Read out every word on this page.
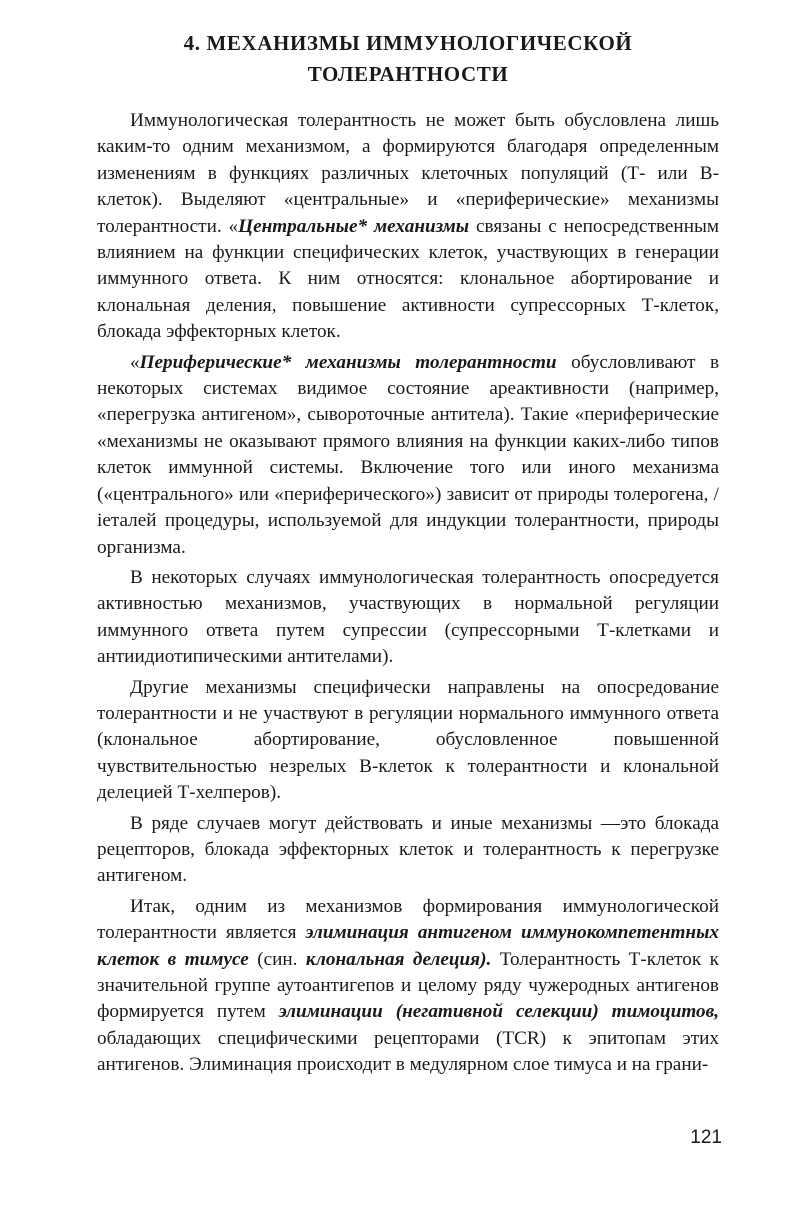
4. МЕХАНИЗМЫ ИММУНОЛОГИЧЕСКОЙ
ТОЛЕРАНТНОСТИ

Иммунологическая толерантность не может быть обусловлена лишь каким-то одним механизмом, а формируются благодаря определенным изменениям в функциях различных клеточных популяций (Т- или В-клеток). Выделяют «центральные» и «периферические» механизмы толерантности. «Центральные* механизмы связаны с непосредственным влиянием на функции специфических клеток, участвующих в генерации иммунного ответа. К ним относятся: клональное абортирование и клональная деления, повышение активности супрессорных Т-клеток, блокада эффекторных клеток.

«Периферические* механизмы толерантности обусловливают в некоторых системах видимое состояние ареактивности (например, «перегрузка антигеном», сывороточные антитела). Такие «периферические «механизмы не оказывают прямого влияния на функции каких-либо типов клеток иммунной системы. Включение того или иного механизма («центрального» или «периферического») зависит от природы толерогена, /іеталей процедуры, используемой для индукции толерантности, природы организма.

В некоторых случаях иммунологическая толерантность опосредуется активностью механизмов, участвующих в нормальной регуляции иммунного ответа путем супрессии (супрессорными Т-клетками и антиидиотипическими антителами).

Другие механизмы специфически направлены на опосредование толерантности и не участвуют в регуляции нормального иммунного ответа (клональное абортирование, обусловленное повышенной чувствительностью незрелых В-клеток к толерантности и клональной делецией Т-хелперов).

В ряде случаев могут действовать и иные механизмы —это блокада рецепторов, блокада эффекторных клеток и толерантность к перегрузке антигеном.

Итак, одним из механизмов формирования иммунологической толерантности является элиминация антигеном иммунокомпетентных клеток в тимусе (син. клональная делеция). Толерантность Т-клеток к значительной группе аутоантигепов и целому ряду чужеродных антигенов формируется путем элиминации (негативной селекции) тимоцитов, обладающих специфическими рецепторами (TCR) к эпитопам этих антигенов. Элиминация происходит в медулярном слое тимуса и на грани-

121
